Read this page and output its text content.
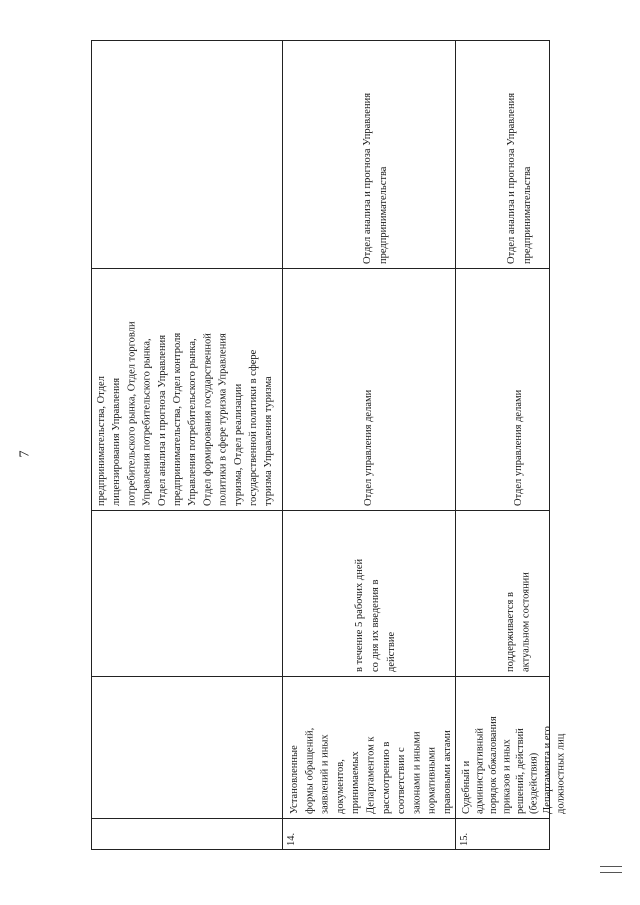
7	предпринимательства, Отдел лицензирования Управления потребительского рынка, Отдел торговли Управления потребительского рынка, Отдел анализа и прогноза Управления предпринимательства, Отдел контроля Управления потребительского рынка, Отдел формирования государственной политики в сфере туризма Управления туризма, Отдел реализации государственной политики в сфере туризма Управления туризма
14.
Установленные формы обращений, заявлений и иных документов, принимаемых Департаментом к рассмотрению в соответствии с законами и иными нормативными правовыми актами
в течение 5 рабочих дней со дня их введения в действие
Отдел управления делами
Отдел анализа и прогноза Управления предпринимательства
15.
Судебный и административный порядок обжалования приказов и иных решений, действий (бездействия) Департамента и его должностных лиц
поддерживается в актуальном состоянии
Отдел управления делами
Отдел анализа и прогноза Управления предпринимательства
